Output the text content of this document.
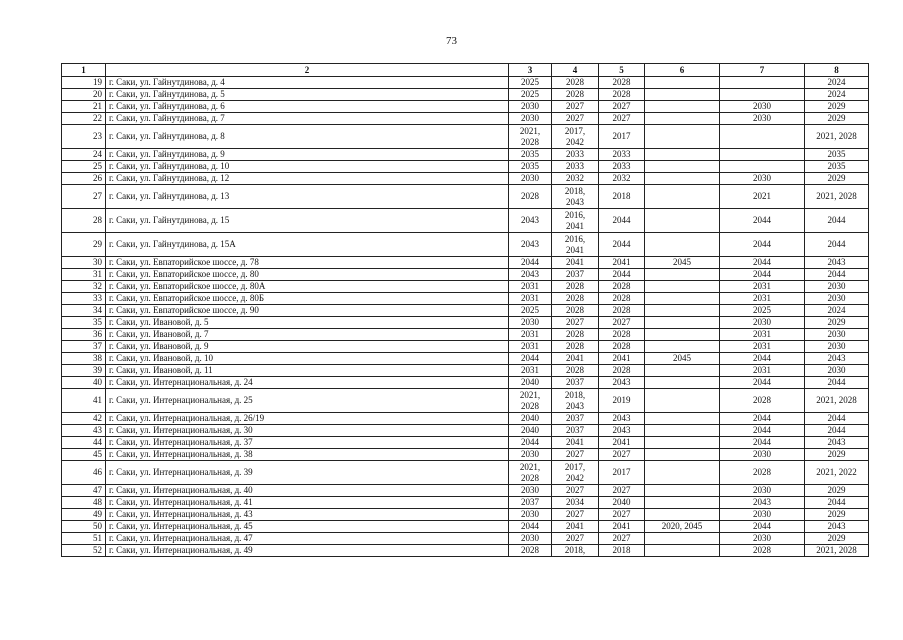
73
1	2	3	4	5	6	7	8
19	г. Саки, ул. Гайнутдинова, д. 4	2025	2028	2028			2024
20	г. Саки, ул. Гайнутдинова, д. 5	2025	2028	2028			2024
21	г. Саки, ул. Гайнутдинова, д. 6	2030	2027	2027		2030	2029
22	г. Саки, ул. Гайнутдинова, д. 7	2030	2027	2027		2030	2029
23	г. Саки, ул. Гайнутдинова, д. 8	2021,
2028	2017,
2042	2017			2021, 2028
24	г. Саки, ул. Гайнутдинова, д. 9	2035	2033	2033			2035
25	г. Саки, ул. Гайнутдинова, д. 10	2035	2033	2033			2035
26	г. Саки, ул. Гайнутдинова, д. 12	2030	2032	2032		2030	2029
27	г. Саки, ул. Гайнутдинова, д. 13	2028	2018,
2043	2018		2021	2021, 2028
28	г. Саки, ул. Гайнутдинова, д. 15	2043	2016,
2041	2044		2044	2044
29	г. Саки, ул. Гайнутдинова, д. 15А	2043	2016,
2041	2044		2044	2044
30	г. Саки, ул. Евпаторийское шоссе, д. 78	2044	2041	2041	2045	2044	2043
31	г. Саки, ул. Евпаторийское шоссе, д. 80	2043	2037	2044		2044	2044
32	г. Саки, ул. Евпаторийское шоссе, д. 80А	2031	2028	2028		2031	2030
33	г. Саки, ул. Евпаторийское шоссе, д. 80Б	2031	2028	2028		2031	2030
34	г. Саки, ул. Евпаторийское шоссе, д. 90	2025	2028	2028		2025	2024
35	г. Саки, ул. Ивановой, д. 5	2030	2027	2027		2030	2029
36	г. Саки, ул. Ивановой, д. 7	2031	2028	2028		2031	2030
37	г. Саки, ул. Ивановой, д. 9	2031	2028	2028		2031	2030
38	г. Саки, ул. Ивановой, д. 10	2044	2041	2041	2045	2044	2043
39	г. Саки, ул. Ивановой, д. 11	2031	2028	2028		2031	2030
40	г. Саки, ул. Интернациональная, д. 24	2040	2037	2043		2044	2044
41	г. Саки, ул. Интернациональная, д. 25	2021,
2028	2018,
2043	2019		2028	2021, 2028
42	г. Саки, ул. Интернациональная, д. 26/19	2040	2037	2043		2044	2044
43	г. Саки, ул. Интернациональная, д. 30	2040	2037	2043		2044	2044
44	г. Саки, ул. Интернациональная, д. 37	2044	2041	2041		2044	2043
45	г. Саки, ул. Интернациональная, д. 38	2030	2027	2027		2030	2029
46	г. Саки, ул. Интернациональная, д. 39	2021,
2028	2017,
2042	2017		2028	2021, 2022
47	г. Саки, ул. Интернациональная, д. 40	2030	2027	2027		2030	2029
48	г. Саки, ул. Интернациональная, д. 41	2037	2034	2040		2043	2044
49	г. Саки, ул. Интернациональная, д. 43	2030	2027	2027		2030	2029
50	г. Саки, ул. Интернациональная, д. 45	2044	2041	2041	2020, 2045	2044	2043
51	г. Саки, ул. Интернациональная, д. 47	2030	2027	2027		2030	2029
52	г. Саки, ул. Интернациональная, д. 49	2028	2018,	2018		2028	2021, 2028
